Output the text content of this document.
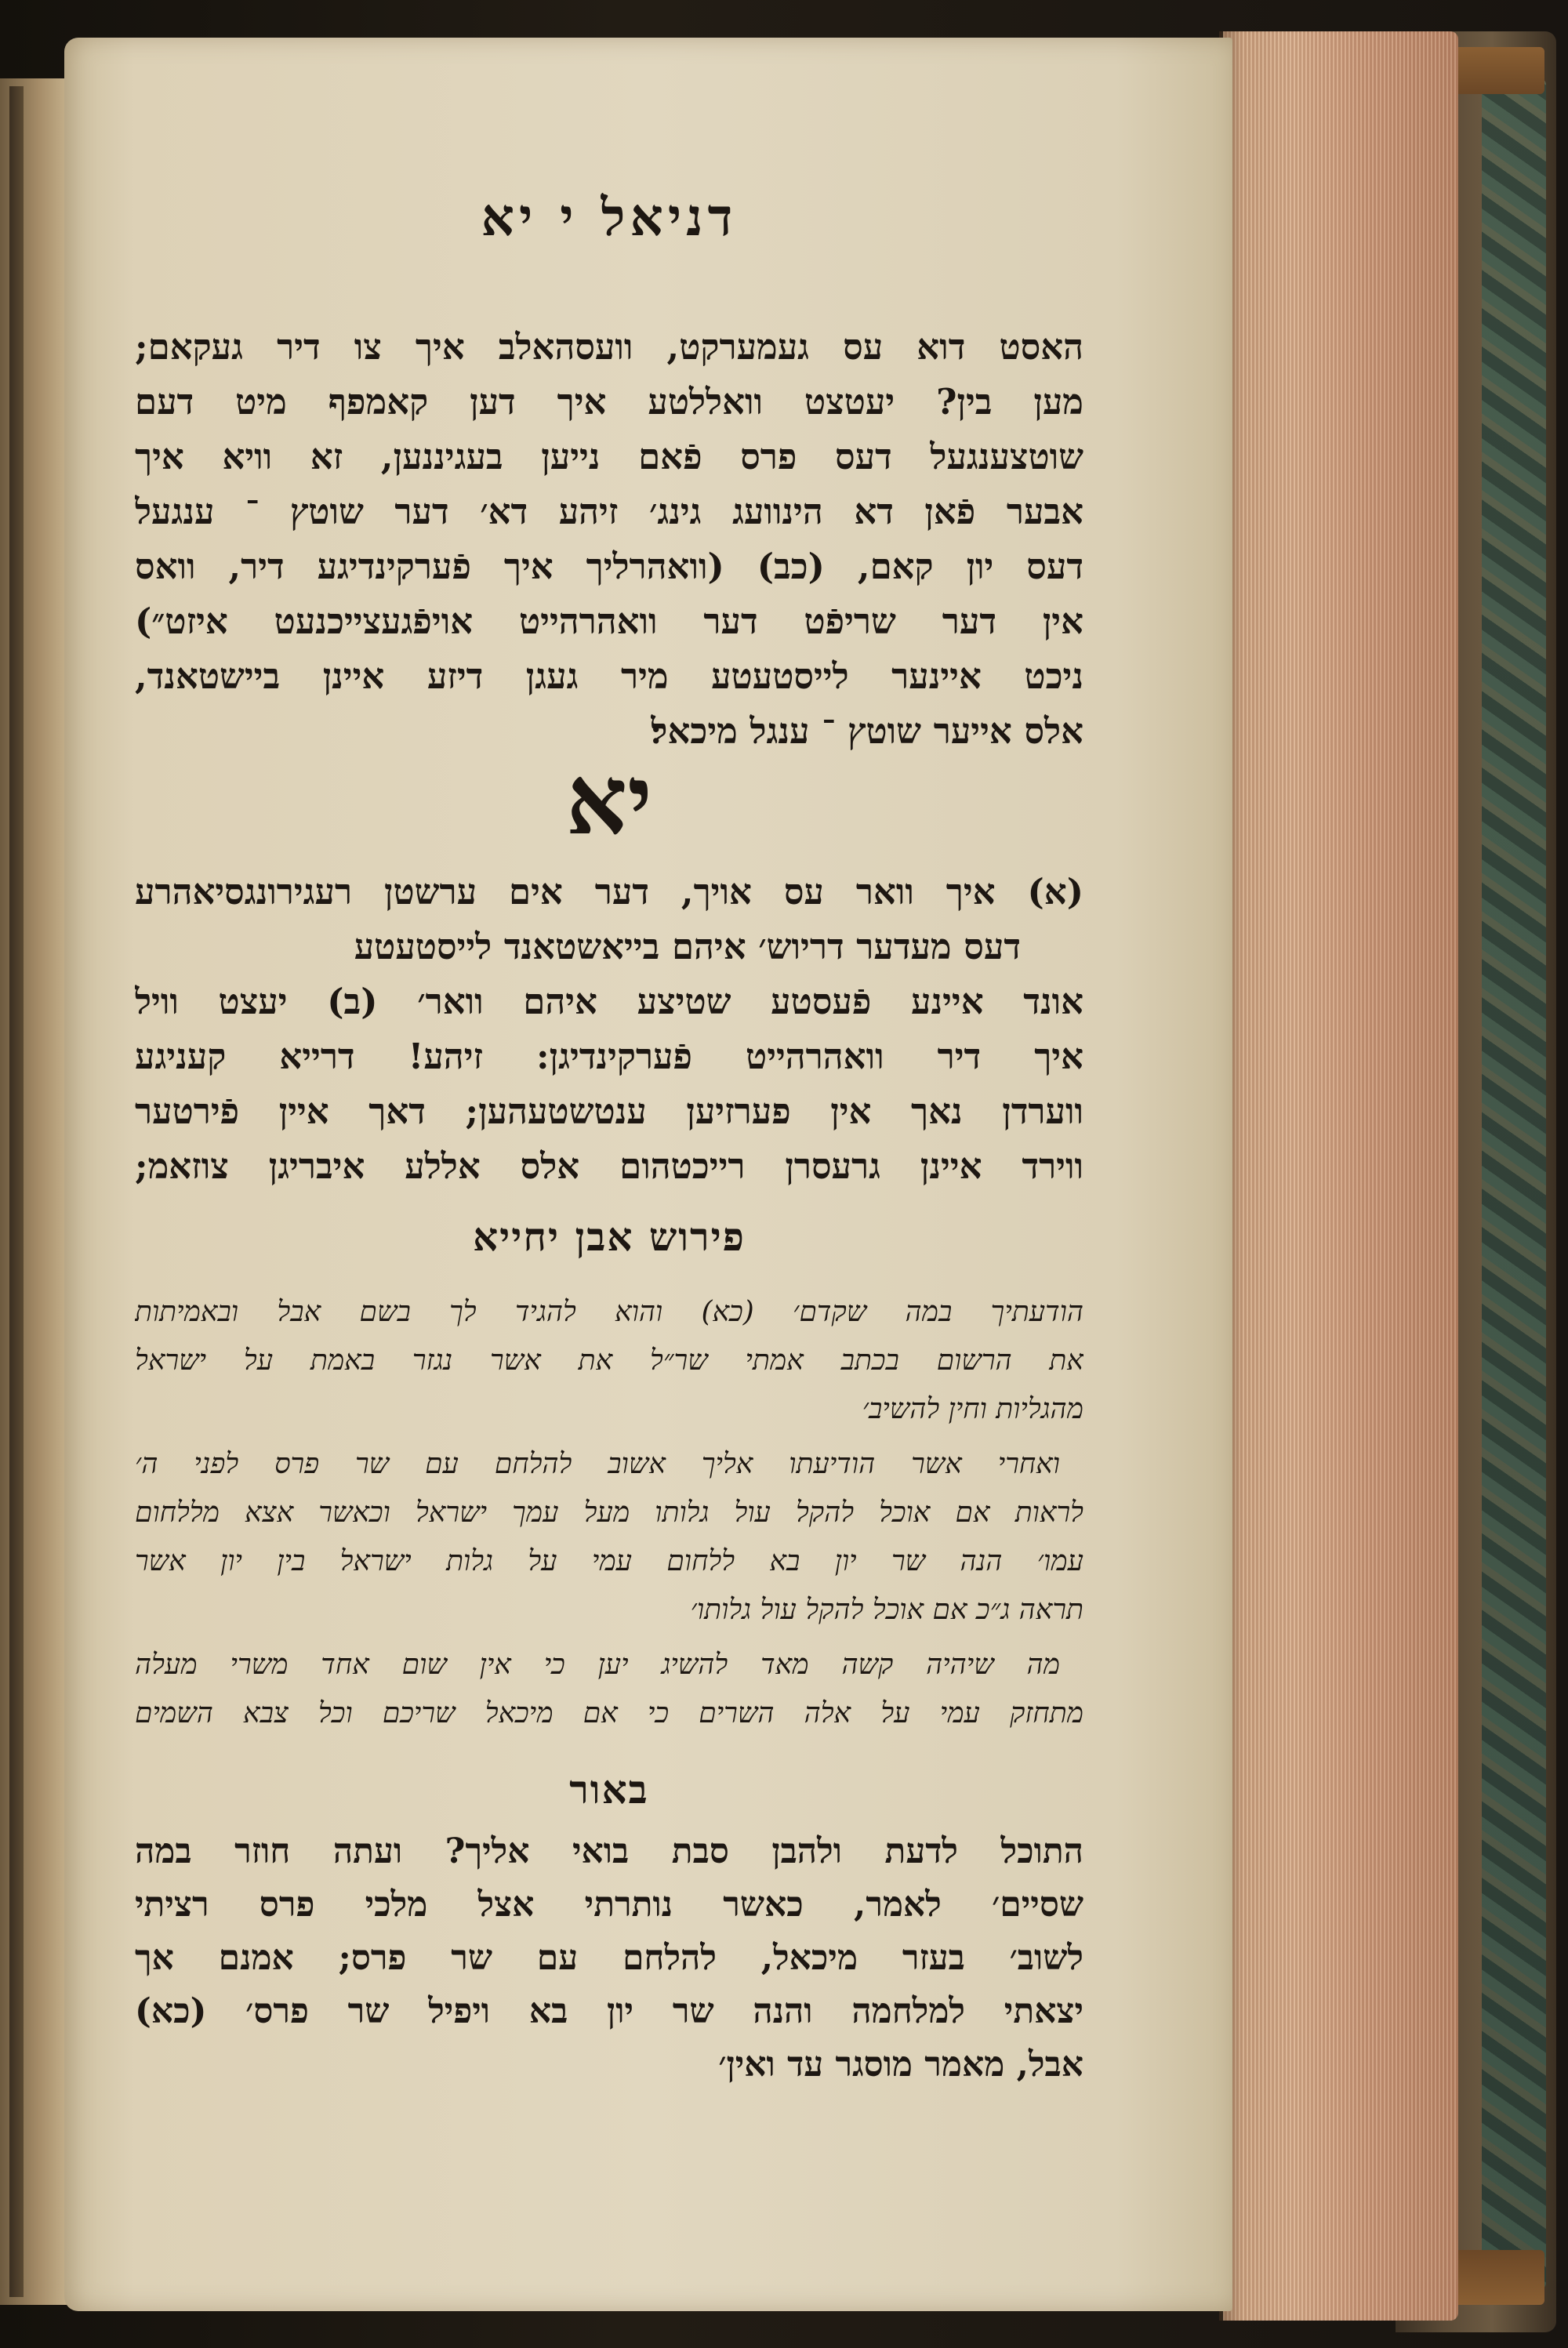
דניאל י יא
האסט דוא עס געמערקט, וועסהאלב איך צו דיר געקאם;
מען בין? יעטצט וואללטע איך דען קאמפף מיט דעם
שוטצענגעל דעס פרס פֿאם נייען בעגיננען, זא וויא איך
אבער פֿאן דא הינוועג גינג׳ זיהע דא׳ דער שוטץ ־ ענגעל
דעס יון קאם, (כב) (וואהרליך איך פֿערקינדיגע דיר, וואס
אין דער שריפֿט דער וואהרהייט אויפֿגעצייכנעט איזט״)
ניכט איינער לייסטעטע מיר געגן דיזע איינן ביישטאנד,
אלס אייער שוטץ ־ ענגל מיכאל׃
יא
(א) איך וואר עס אויך, דער אים ערשטן רעגירונגסיאהרע
דעס מעדער דריוש׳ איהם בייאשטאנד לייסטעטע
אונד איינע פֿעסטע שטיצע איהם וואר׳ (ב) יעצט וויל
איך דיר וואהרהייט פֿערקינדיגן: זיהע! דרייא קעניגע
ווערדן נאך אין פערזיען ענטשטעהען; דאך איין פֿירטער
ווירד איינן גרעסרן רייכטהום אלס אללע איבריגן צוזאמ;
פירוש אבן יחייא
הודעתיך במה שקדם׳ (כא) והוא להגיד לך בשם אבל ובאמיתות
את הרשום בכתב אמתי שר״ל את אשר נגזר באמת על ישראל
מהגליות וחין להשיב׳
ואחרי אשר הודיעתו אליך אשוב להלחם עם שר פרס לפני ה׳
לראות אם אוכל להקל עול גלותו מעל עמך ישראל וכאשר אצא מללחום
עמו׳ הנה שר יון בא ללחום עמי על גלות ישראל בין יון אשר
תראה ג״כ אם אוכל להקל עול גלותו׳
מה שיהיה קשה מאד להשיג יען כי אין שום אחד משרי מעלה
מתחזק עמי על אלה השרים כי אם מיכאל שריכם וכל צבא השמים
באור
התוכל לדעת ולהבן סבת בואי אליך? ועתה חוזר במה
שסיים׳ לאמר, כאשר נותרתי אצל מלכי פרס רציתי
לשוב׳ בעזר מיכאל, להלחם עם שר פרס; אמנם אך
יצאתי למלחמה והנה שר יון בא ויפיל שר פרס׳ (כא)
אבל, מאמר מוסגר עד ואין׳
